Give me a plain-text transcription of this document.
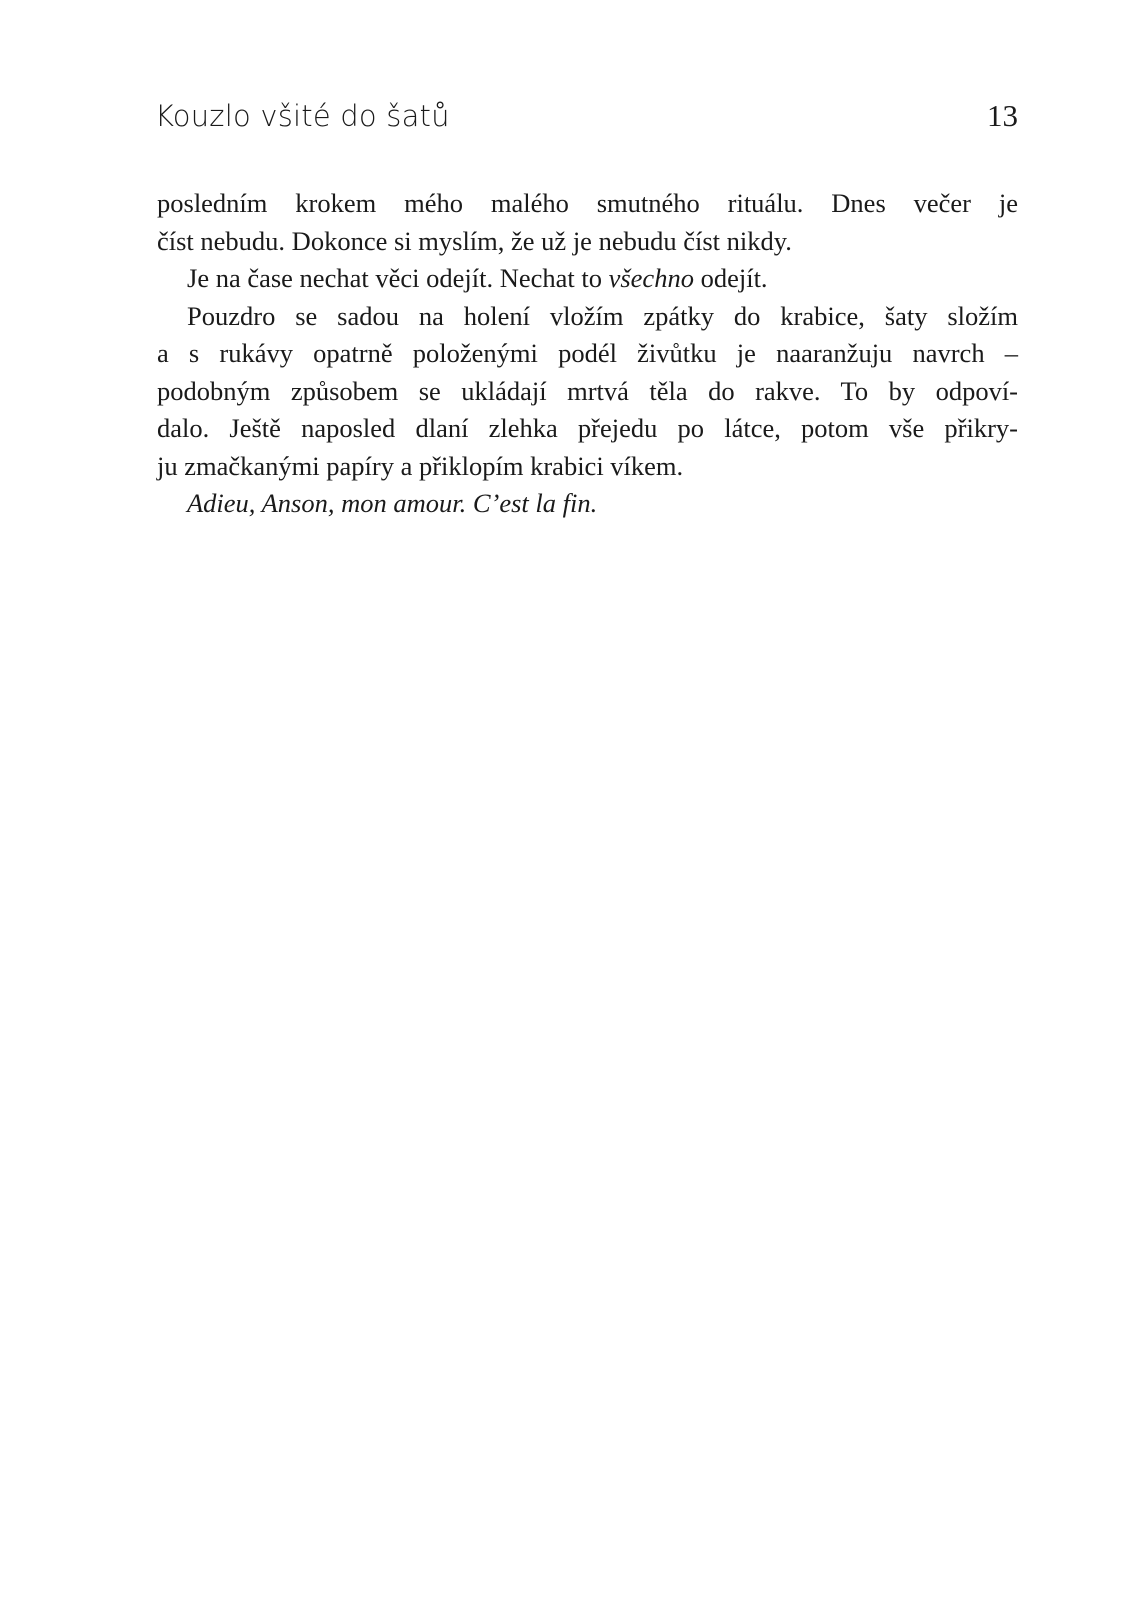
Kouzlo všité do šatů	13
posledním krokem mého malého smutného rituálu. Dnes večer je
číst nebudu. Dokonce si myslím, že už je nebudu číst nikdy.
Je na čase nechat věci odejít. Nechat to všechno odejít.
Pouzdro se sadou na holení vložím zpátky do krabice, šaty složím
a s rukávy opatrně položenými podél živůtku je naaranžuju navrch –
podobným způsobem se ukládají mrtvá těla do rakve. To by odpoví-
dalo. Ještě naposled dlaní zlehka přejedu po látce, potom vše přikry-
ju zmačkanými papíry a přiklopím krabici víkem.
Adieu, Anson, mon amour. C’est la fin.
